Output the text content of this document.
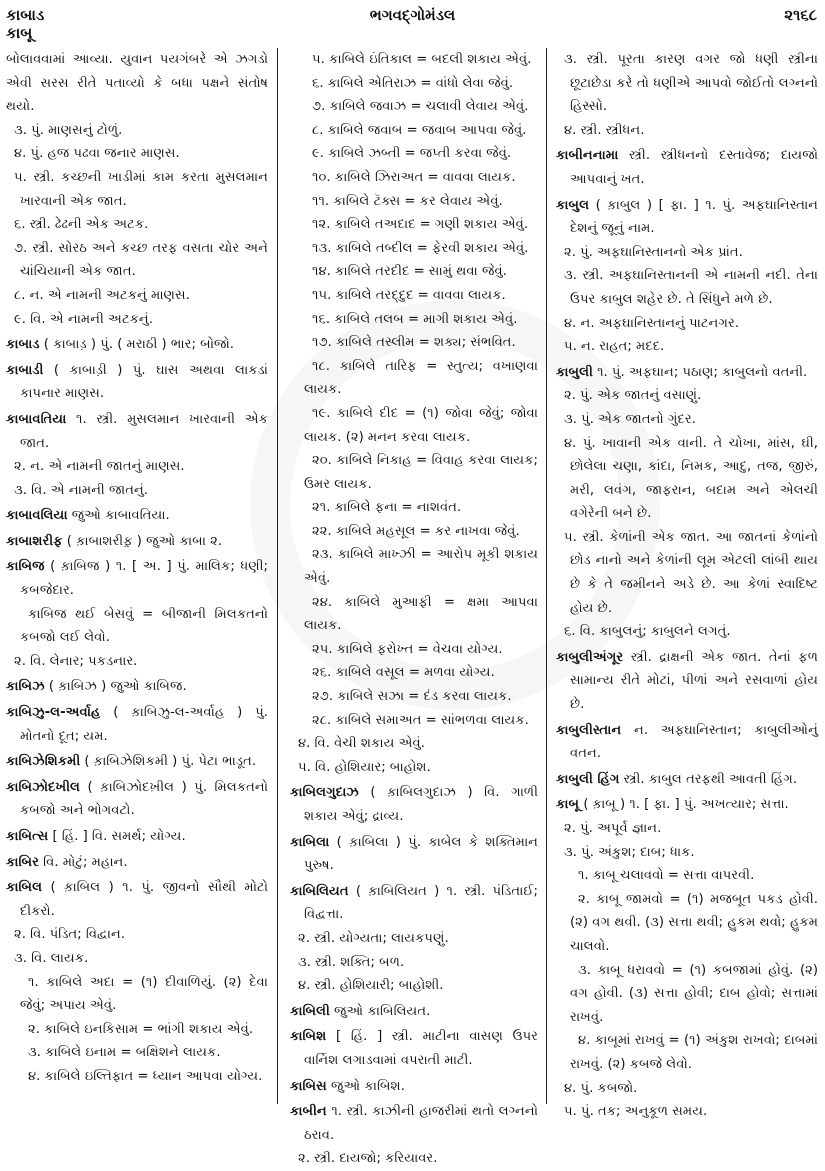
કાબાડ
કાબૂ
ભગવદ્ગોમંડલ	૨૧૬૮

બોલાવવામાં આવ્યા. યુવાન પયગંબરે એ ઝગડો એવી સરસ રીતે પતાવ્યો કે બધા પક્ષને સંતોષ થયો.

૩. પું. માણસનું ટોળું.

૪. પું. હજ પઢવા જનાર માણસ.

૫. સ્ત્રી. કચ્છની ખાડીમાં કામ કરતા મુસલમાન ખારવાની એક જાત.

૬. સ્ત્રી. ઢેઢની એક અટક.

૭. સ્ત્રી. સોરઠ અને કચ્છ તરફ વસતા ચોર અને ચાંચિયાની એક જાત.

૮. ન. એ નામની અટકનું માણસ.

૯. વિ. એ નામની અટકનું.

કાબાડ ( કાબાડ઼ ) પું. ( મરાઠી ) ભાર; બોજો.

કાબાડી ( કાબાડ઼ી ) પું. ઘાસ અથવા લાકડાં કાપનાર માણસ.

કાબાવતિયા ૧. સ્ત્રી. મુસલમાન ખારવાની એક જાત.

૨. ન. એ નામની જાતનું માણસ.

૩. વિ. એ નામની જાતનું.

કાબાવલિયા જુઓ કાબાવતિયા.

કાબાશરીફ ( ક઼ાબાશરીફ઼ ) જુઓ કાબા ૨.

કાબિજ ( ક઼ાબિજ ) ૧. [ અ. ] પું. માલિક; ધણી; કબજેદાર.

કાબિજ થઈ બેસવું = બીજાની મિલકતનો કબજો લઈ લેવો.

૨. વિ. લેનાર; પકડનાર.

કાબિઝ ( ક઼ાબિઝ ) જુઓ કાબિજ.

કાબિઝુ-લ-અર્વાહ ( ક઼ાબિઝુ-લ-અર્વાહ ) પું. મોતનો દૂત; યમ.

કાબિઝેશિકમી ( ક઼ાબિઝેશિકમી ) પું. પેટા ભાડૂત.

કાબિઝોદખીલ ( ક઼ાબિઝોદખ઼ીલ ) પું. મિલકતનો કબજો અને ભોગવટો.

કાબિત્સ [ હિં. ] વિ. સમર્થ; યોગ્ય.

કાબિર વિ. મોટું; મહાન.

કાબિલ ( ક઼ાબિલ ) ૧. પું. જીવનો સૌથી મોટો દીકરો.

૨. વિ. પંડિત; વિદ્વાન.

૩. વિ. લાયક.

૧. કાબિલે અદા = (૧) દીવાળિયું. (૨) દેવા જેવું; અપાય એવું.

૨. કાબિલે ઇનકિસામ = ભાંગી શકાય એવું.

૩. કાબિલે ઇનામ = બક્ષિશને લાયક.

૪. કાબિલે ઇલ્તિફાત = ધ્યાન આપવા યોગ્ય.

૫. કાબિલે ઇંતિકાલ = બદલી શકાય એવું.

૬. કાબિલે એતિરાઝ = વાંધો લેવા જેવું.

૭. કાબિલે જવાઝ = ચલાવી લેવાય એવું.

૮. કાબિલે જવાબ = જવાબ આપવા જેવું.

૯. કાબિલે ઝબ્તી = જપ્તી કરવા જેવું.

૧૦. કાબિલે ઝિરાઅત = વાવવા લાયક.

૧૧. કાબિલે ટૅક્સ = કર લેવાય એવું.

૧૨. કાબિલે તઅદાદ = ગણી શકાય એવું.

૧૩. કાબિલે તબ્દીલ = ફેરવી શકાય એવું.

૧૪. કાબિલે તરદીદ = સામું થવા જેવું.

૧૫. કાબિલે તરદ્દુદ = વાવવા લાયક.

૧૬. કાબિલે તલબ = માગી શકાય એવું.

૧૭. કાબિલે તસ્લીમ = શક્ય; સંભવિત.

૧૮. કાબિલે તારિફ = સ્તુત્ય; વખાણવા લાયક.

૧૯. કાબિલે દીદ = (૧) જોવા જેવું; જોવા લાયક. (૨) મનન કરવા લાયક.

૨૦. કાબિલે નિકાહ = વિવાહ કરવા લાયક; ઉમર લાયક.

૨૧. કાબિલે ફના = નાશવંત.

૨૨. કાબિલે મહસૂલ = કર નાખવા જેવું.

૨૩. કાબિલે માખ્ઝી = આરોપ મૂકી શકાય એવું.

૨૪. કાબિલે મુઆફી = ક્ષમા આપવા લાયક.

૨૫. કાબિલે ફરોખ્ત = વેચવા યોગ્ય.

૨૬. કાબિલે વસૂલ = મળવા યોગ્ય.

૨૭. કાબિલે સઝા = દંડ કરવા લાયક.

૨૮. કાબિલે સમાઅત = સાંભળવા લાયક.

૪. વિ. વેચી શકાય એવું.

૫. વિ. હોશિયાર; બાહોશ.

કાબિલગુદાઝ ( ક઼ાબિલગુદાઝ ) વિ. ગાળી શકાય એવું; દ્રાવ્ય.

કાબિલા ( ક઼ાબિલા ) પું. કાબેલ કે શક્તિમાન પુરુષ.

કાબિલિયત ( ક઼ાબિલિયત ) ૧. સ્ત્રી. પંડિતાઈ; વિદ્વત્તા.

૨. સ્ત્રી. યોગ્યતા; લાયકપણું.

૩. સ્ત્રી. શક્તિ; બળ.

૪. સ્ત્રી. હોશિયારી; બાહોશી.

કાબિલી જુઓ કાબિલિયત.

કાબિશ [ હિં. ] સ્ત્રી. માટીના વાસણ ઉપર વાર્નિશ લગાડવામાં વપરાતી માટી.

કાબિસ જુઓ કાબિશ.

કાબીન ૧. સ્ત્રી. કાઝીની હાજરીમાં થતો લગ્નનો ઠરાવ.

૨. સ્ત્રી. દાયજો; કરિયાવર.

૩. સ્ત્રી. પૂરતા કારણ વગર જો ધણી સ્ત્રીના છૂટાછેડા કરે તો ધણીએ આપવો જોઈતો લગ્નનો હિસ્સો.

૪. સ્ત્રી. સ્ત્રીધન.

કાબીનનામા સ્ત્રી. સ્ત્રીધનનો દસ્તાવેજ; દાયજો આપવાનું ખત.

કાબુલ ( ક઼ાબુલ ) [ ફા. ] ૧. પું. અફઘાનિસ્તાન દેશનું જૂનું નામ.

૨. પું. અફઘાનિસ્તાનનો એક પ્રાંત.

૩. સ્ત્રી. અફઘાનિસ્તાનની એ નામની નદી. તેના ઉપર કાબુલ શહેર છે. તે સિંધુને મળે છે.

૪. ન. અફઘાનિસ્તાનનું પાટનગર.

૫. ન. રાહત; મદદ.

કાબુલી ૧. પું. અફઘાન; પઠાણ; કાબુલનો વતની.

૨. પું. એક જાતનું વસાણું.

૩. પું. એક જાતનો ગુંદર.

૪. પું. ખાવાની એક વાની. તે ચોખા, માંસ, ઘી, છોલેલા ચણા, કાંદા, નિમક, આદુ, તજ, જીરું, મરી, લવંગ, જાફરાન, બદામ અને એલચી વગેરેની બને છે.

૫. સ્ત્રી. કેળાંની એક જાત. આ જાતનાં કેળાંનો છોડ નાનો અને કેળાંની લૂમ એટલી લાંબી થાય છે કે તે જમીનને અડે છે. આ કેળાં સ્વાદિષ્ટ હોય છે.

૬. વિ. કાબુલનું; કાબુલને લગતું.

કાબુલીઅંગૂર સ્ત્રી. દ્રાક્ષની એક જાત. તેનાં ફળ સામાન્ય રીતે મોટાં, પીળાં અને રસવાળાં હોય છે.

કાબુલીસ્તાન ન. અફઘાનિસ્તાન; કાબુલીઓનું વતન.

કાબુલી હિંગ સ્ત્રી. કાબુલ તરફથી આવતી હિંગ.

કાબૂ ( ક઼ાબૂ ) ૧. [ ફા. ] પું. અખત્યાર; સત્તા.

૨. પું. અપૂર્વ જ્ઞાન.

૩. પું. અંકુશ; દાબ; ધાક.

૧. કાબૂ ચલાવવો = સત્તા વાપરવી.

૨. કાબૂ જામવો = (૧) મજબૂત પકડ હોવી. (૨) વગ થવી. (૩) સત્તા થવી; હુકમ થવો; હુકમ ચાલવો.

૩. કાબૂ ધરાવવો = (૧) કબજામાં હોવું. (૨) વગ હોવી. (૩) સત્તા હોવી; દાબ હોવો; સત્તામાં રાખવું.

૪. કાબૂમાં રાખવું = (૧) અંકુશ રાખવો; દાબમાં રાખવું. (૨) કબજે લેવો.

૪. પું. કબજો.

૫. પું. તક; અનુકૂળ સમય.
